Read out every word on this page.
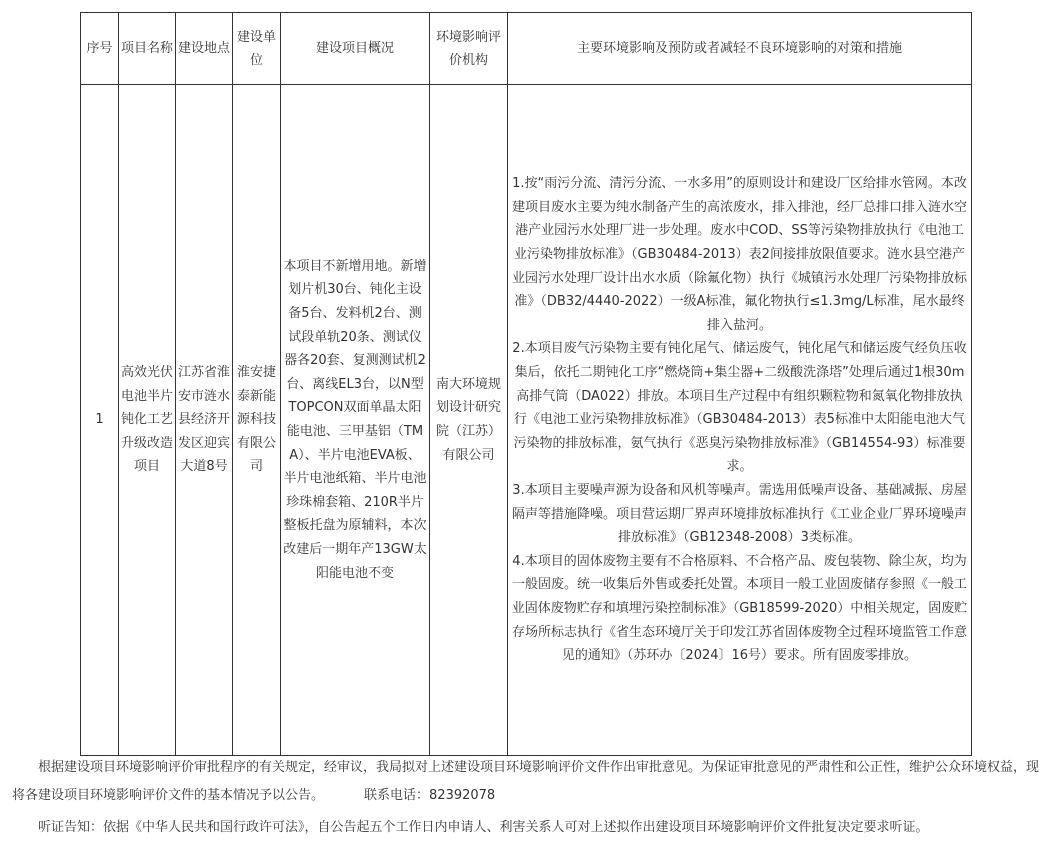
序号	项目名称	建设地点	建设单位	建设项目概况	环境影响评价机构	主要环境影响及预防或者减轻不良环境影响的对策和措施
1	高效光伏电池半片钝化工艺升级改造项目	江苏省淮安市涟水县经济开发区迎宾大道8号	淮安捷泰新能源科技有限公司	本项目不新增用地。新增划片机30台、钝化主设备5台、发料机2台、测试段单轨20条、测试仪器各20套、复测测试机2台、离线EL3台，以N型TOPCON双面单晶太阳能电池、三甲基铝（TMA）、半片电池EVA板、半片电池纸箱、半片电池珍珠棉套箱、210R半片整板托盘为原辅料，本次改建后一期年产13GW太阳能电池不变	南大环境规划设计研究院（江苏）有限公司	1.按“雨污分流、清污分流、一水多用”的原则设计和建设厂区给排水管网。本改建项目废水主要为纯水制备产生的高浓废水，排入排池，经厂总排口排入涟水空港产业园污水处理厂进一步处理。废水中COD、SS等污染物排放执行《电池工业污染物排放标准》（GB30484-2013）表2间接排放限值要求。涟水县空港产业园污水处理厂设计出水水质（除氟化物）执行《城镇污水处理厂污染物排放标准》（DB32/4440-2022）一级A标准，氟化物执行≤1.3mg/L标准，尾水最终排入盐河。

2.本项目废气污染物主要有钝化尾气、储运废气，钝化尾气和储运废气经负压收集后，依托二期钝化工序“燃烧筒+集尘器+二级酸洗涤塔”处理后通过1根30m高排气筒（DA022）排放。本项目生产过程中有组织颗粒物和氮氧化物排放执行《电池工业污染物排放标准》（GB30484-2013）表5标准中太阳能电池大气污染物的排放标准，氨气执行《恶臭污染物排放标准》（GB14554-93）标准要求。

3.本项目主要噪声源为设备和风机等噪声。需选用低噪声设备、基础减振、房屋隔声等措施降噪。项目营运期厂界声环境排放标准执行《工业企业厂界环境噪声排放标准》（GB12348-2008）3类标准。

4.本项目的固体废物主要有不合格原料、不合格产品、废包装物、除尘灰，均为一般固废。统一收集后外售或委托处置。本项目一般工业固废储存参照《一般工业固体废物贮存和填埋污染控制标准》（GB18599-2020）中相关规定，固废贮存场所标志执行《省生态环境厅关于印发江苏省固体废物全过程环境监管工作意见的通知》（苏环办〔2024〕16号）要求。所有固废零排放。

根据建设项目环境影响评价审批程序的有关规定，经审议，我局拟对上述建设项目环境影响评价文件作出审批意见。为保证审批意见的严肃性和公正性，维护公众环境权益，现将各建设项目环境影响评价文件的基本情况予以公告。	联系电话：82392078

听证告知：依据《中华人民共和国行政许可法》，自公告起五个工作日内申请人、利害关系人可对上述拟作出建设项目环境影响评价文件批复决定要求听证。
